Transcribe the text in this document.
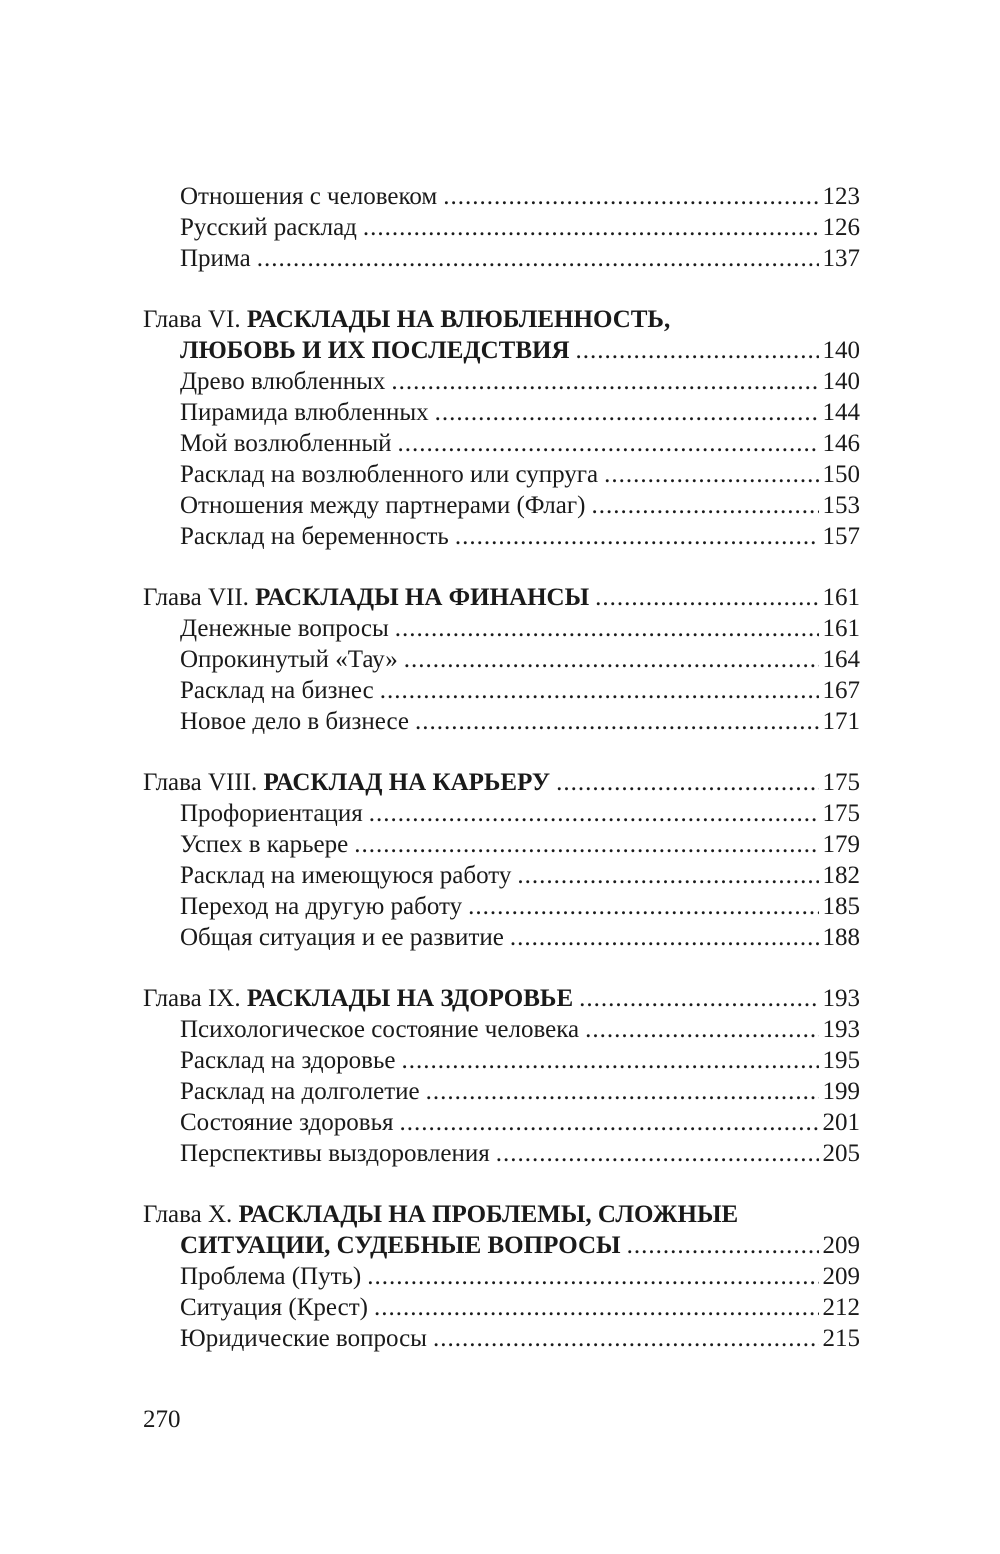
Отношения с человеком .....	123
Русский расклад .....	126
Прима .....	137
Глава VI. РАСКЛАДЫ НА ВЛЮБЛЕННОСТЬ,
ЛЮБОВЬ И ИХ ПОСЛЕДСТВИЯ .....	140
Древо влюбленных .....	140
Пирамида влюбленных .....	144
Мой возлюбленный .....	146
Расклад на возлюбленного или супруга .....	150
Отношения между партнерами (Флаг) .....	153
Расклад на беременность .....	157
Глава VII. РАСКЛАДЫ НА ФИНАНСЫ .....	161
Денежные вопросы .....	161
Опрокинутый «Тау» .....	164
Расклад на бизнес .....	167
Новое дело в бизнесе .....	171
Глава VIII. РАСКЛАД НА КАРЬЕРУ .....	175
Профориентация .....	175
Успех в карьере .....	179
Расклад на имеющуюся работу .....	182
Переход на другую работу .....	185
Общая ситуация и ее развитие .....	188
Глава IX. РАСКЛАДЫ НА ЗДОРОВЬЕ .....	193
Психологическое состояние человека .....	193
Расклад на здоровье .....	195
Расклад на долголетие .....	199
Состояние здоровья .....	201
Перспективы выздоровления .....	205
Глава X. РАСКЛАДЫ НА ПРОБЛЕМЫ, СЛОЖНЫЕ
СИТУАЦИИ, СУДЕБНЫЕ ВОПРОСЫ .....	209
Проблема (Путь) .....	209
Ситуация (Крест) .....	212
Юридические вопросы .....	215
270
